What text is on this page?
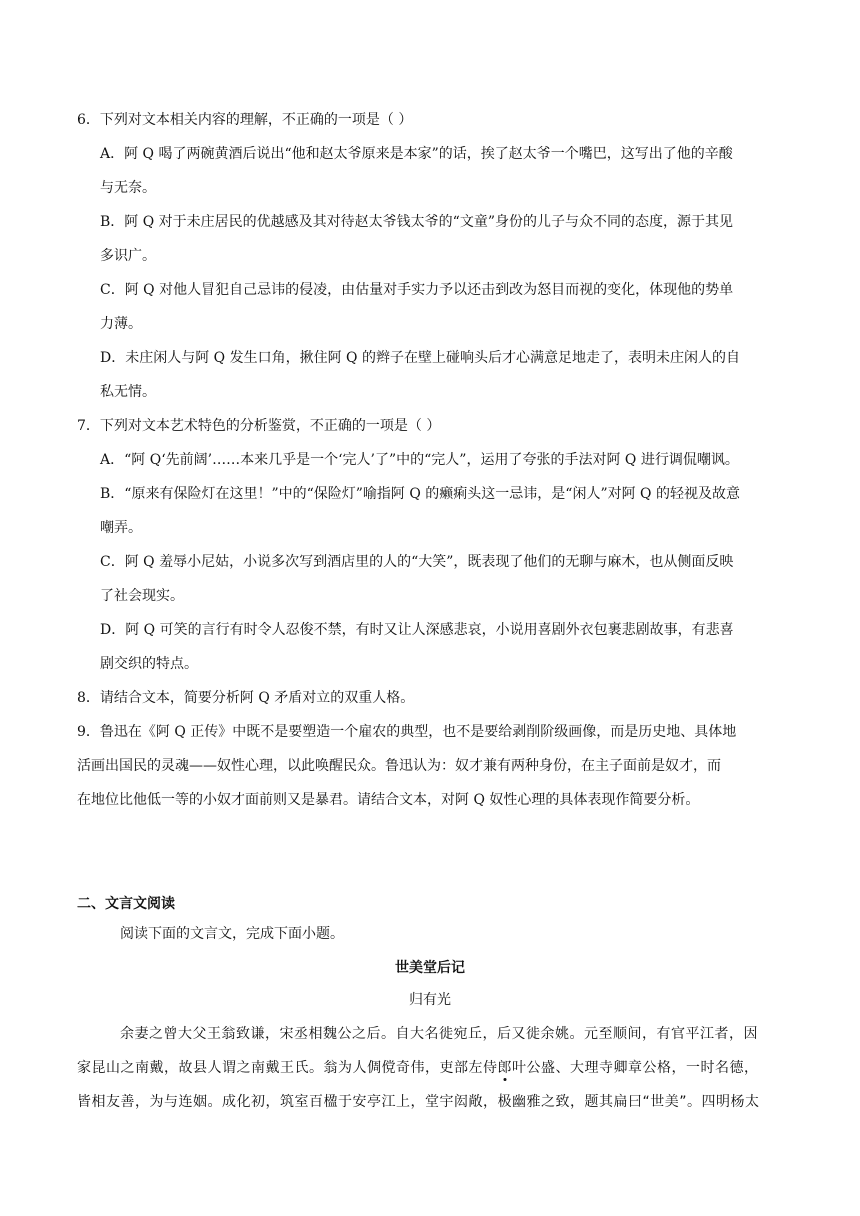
6．下列对文本相关内容的理解，不正确的一项是（ ）
A．阿 Q 喝了两碗黄酒后说出“他和赵太爷原来是本家”的话，挨了赵太爷一个嘴巴，这写出了他的辛酸
与无奈。
B．阿 Q 对于未庄居民的优越感及其对待赵太爷钱太爷的“文童”身份的儿子与众不同的态度，源于其见
多识广。
C．阿 Q 对他人冒犯自己忌讳的侵凌，由估量对手实力予以还击到改为怒目而视的变化，体现他的势单
力薄。
D．未庄闲人与阿 Q 发生口角，揪住阿 Q 的辫子在壁上碰响头后才心满意足地走了，表明未庄闲人的自
私无情。
7．下列对文本艺术特色的分析鉴赏，不正确的一项是（ ）
A．“阿 Q‘先前阔’……本来几乎是一个‘完人’了”中的“完人”，运用了夸张的手法对阿 Q 进行调侃嘲讽。
B．“原来有保险灯在这里！”中的“保险灯”喻指阿 Q 的癞痢头这一忌讳，是“闲人”对阿 Q 的轻视及故意
嘲弄。
C．阿 Q 羞辱小尼姑，小说多次写到酒店里的人的“大笑”，既表现了他们的无聊与麻木，也从侧面反映
了社会现实。
D．阿 Q 可笑的言行有时令人忍俊不禁，有时又让人深感悲哀，小说用喜剧外衣包裹悲剧故事，有悲喜
剧交织的特点。
8．请结合文本，简要分析阿 Q 矛盾对立的双重人格。
9．鲁迅在《阿 Q 正传》中既不是要塑造一个雇农的典型，也不是要给剥削阶级画像，而是历史地、具体地
活画出国民的灵魂——奴性心理，以此唤醒民众。鲁迅认为：奴才兼有两种身份，在主子面前是奴才，而
在地位比他低一等的小奴才面前则又是暴君。请结合文本，对阿 Q 奴性心理的具体表现作简要分析。
二、文言文阅读
阅读下面的文言文，完成下面小题。
世美堂后记
归有光
余妻之曾大父王翁致谦，宋丞相魏公之后。自大名徙宛丘，后又徙余姚。元至顺间，有官平江者，因
家昆山之南戴，故县人谓之南戴王氏。翁为人倜傥奇伟，吏部左侍郎
叶公盛、大理寺卿章公格，一时名德，
皆相友善，为与连姻。成化初，筑室百楹于安亭江上，堂宇闳敞，极幽雅之致，题其扁曰“世美”。四明杨太
